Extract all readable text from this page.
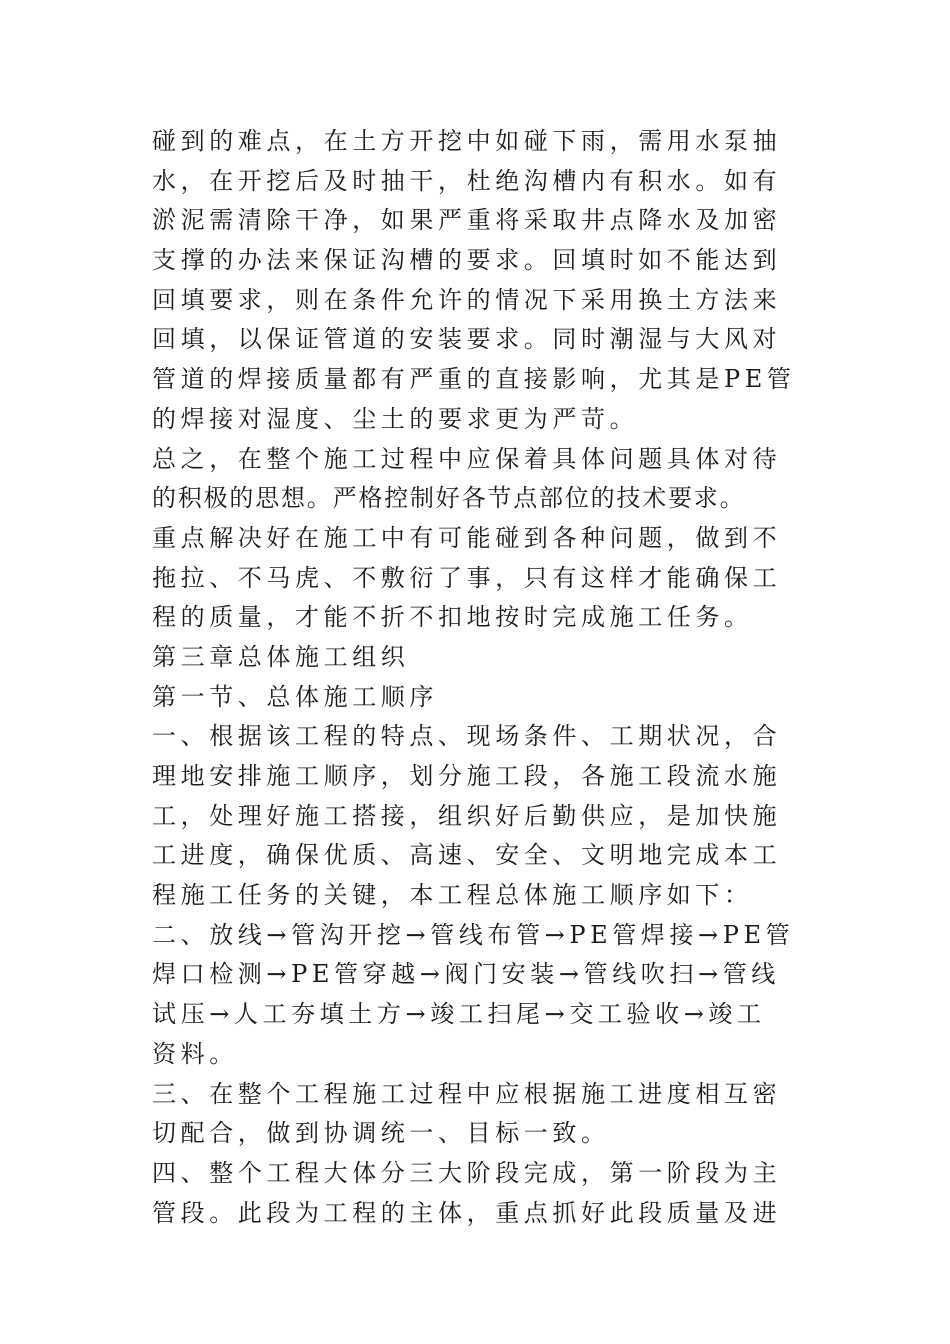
碰到的难点，在土方开挖中如碰下雨，需用水泵抽
水，在开挖后及时抽干，杜绝沟槽内有积水。如有
淤泥需清除干净，如果严重将采取井点降水及加密
支撑的办法来保证沟槽的要求。回填时如不能达到
回填要求，则在条件允许的情况下采用换土方法来
回填，以保证管道的安装要求。同时潮湿与大风对
管道的焊接质量都有严重的直接影响，尤其是PE管
的焊接对湿度、尘土的要求更为严苛。
总之，在整个施工过程中应保着具体问题具体对待
的积极的思想。严格控制好各节点部位的技术要求。
重点解决好在施工中有可能碰到各种问题，做到不
拖拉、不马虎、不敷衍了事，只有这样才能确保工
程的质量，才能不折不扣地按时完成施工任务。
第三章总体施工组织
第一节、总体施工顺序
一、根据该工程的特点、现场条件、工期状况，合
理地安排施工顺序，划分施工段，各施工段流水施
工，处理好施工搭接，组织好后勤供应，是加快施
工进度，确保优质、高速、安全、文明地完成本工
程施工任务的关键，本工程总体施工顺序如下：
二、放线→管沟开挖→管线布管→PE管焊接→PE管
焊口检测→PE管穿越→阀门安装→管线吹扫→管线
试压→人工夯填土方→竣工扫尾→交工验收→竣工
资料。
三、在整个工程施工过程中应根据施工进度相互密
切配合，做到协调统一、目标一致。
四、整个工程大体分三大阶段完成，第一阶段为主
管段。此段为工程的主体，重点抓好此段质量及进
